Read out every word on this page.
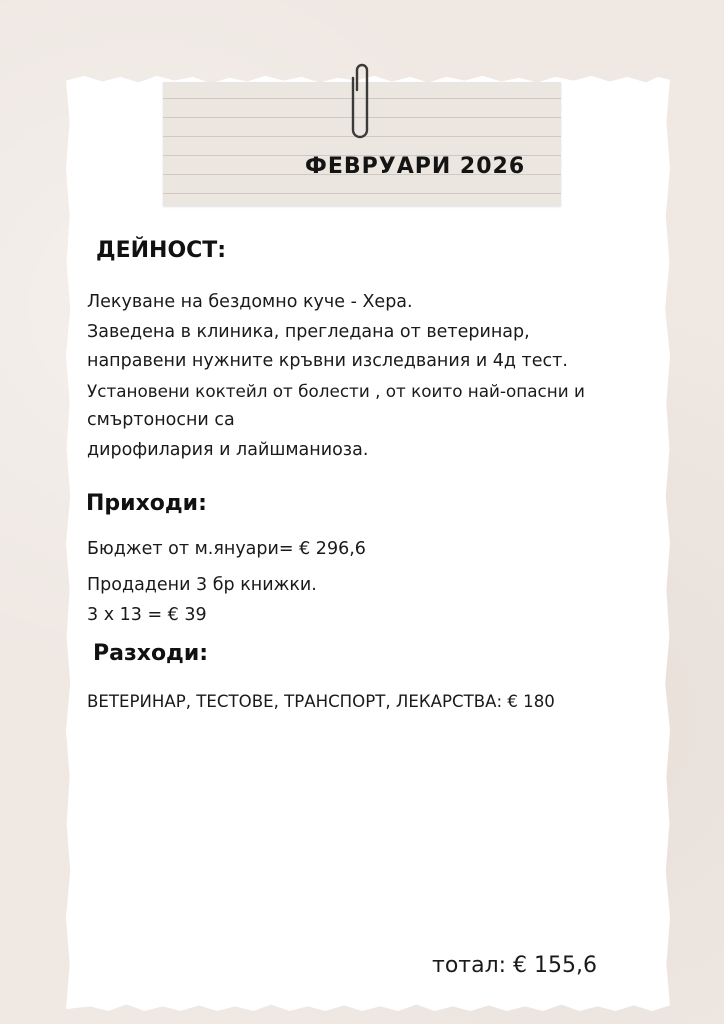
ФЕВРУАРИ 2026
ДЕЙНОСТ:
Лекуване на бездомно куче - Хера.
Заведена в клиника, прегледана от ветеринар,
направени нужните кръвни изследвания и 4д тест.
Установени коктейл от болести , от които най-опасни и
смъртоносни са
дирофилария и лайшманиоза.
Приходи:
Бюджет от м.януари= € 296,6
Продадени 3 бр книжки.
3 x 13 = € 39
Разходи:
ВЕТЕРИНАР, ТЕСТОВЕ, ТРАНСПОРТ, ЛЕКАРСТВА: € 180
тотал: € 155,6
